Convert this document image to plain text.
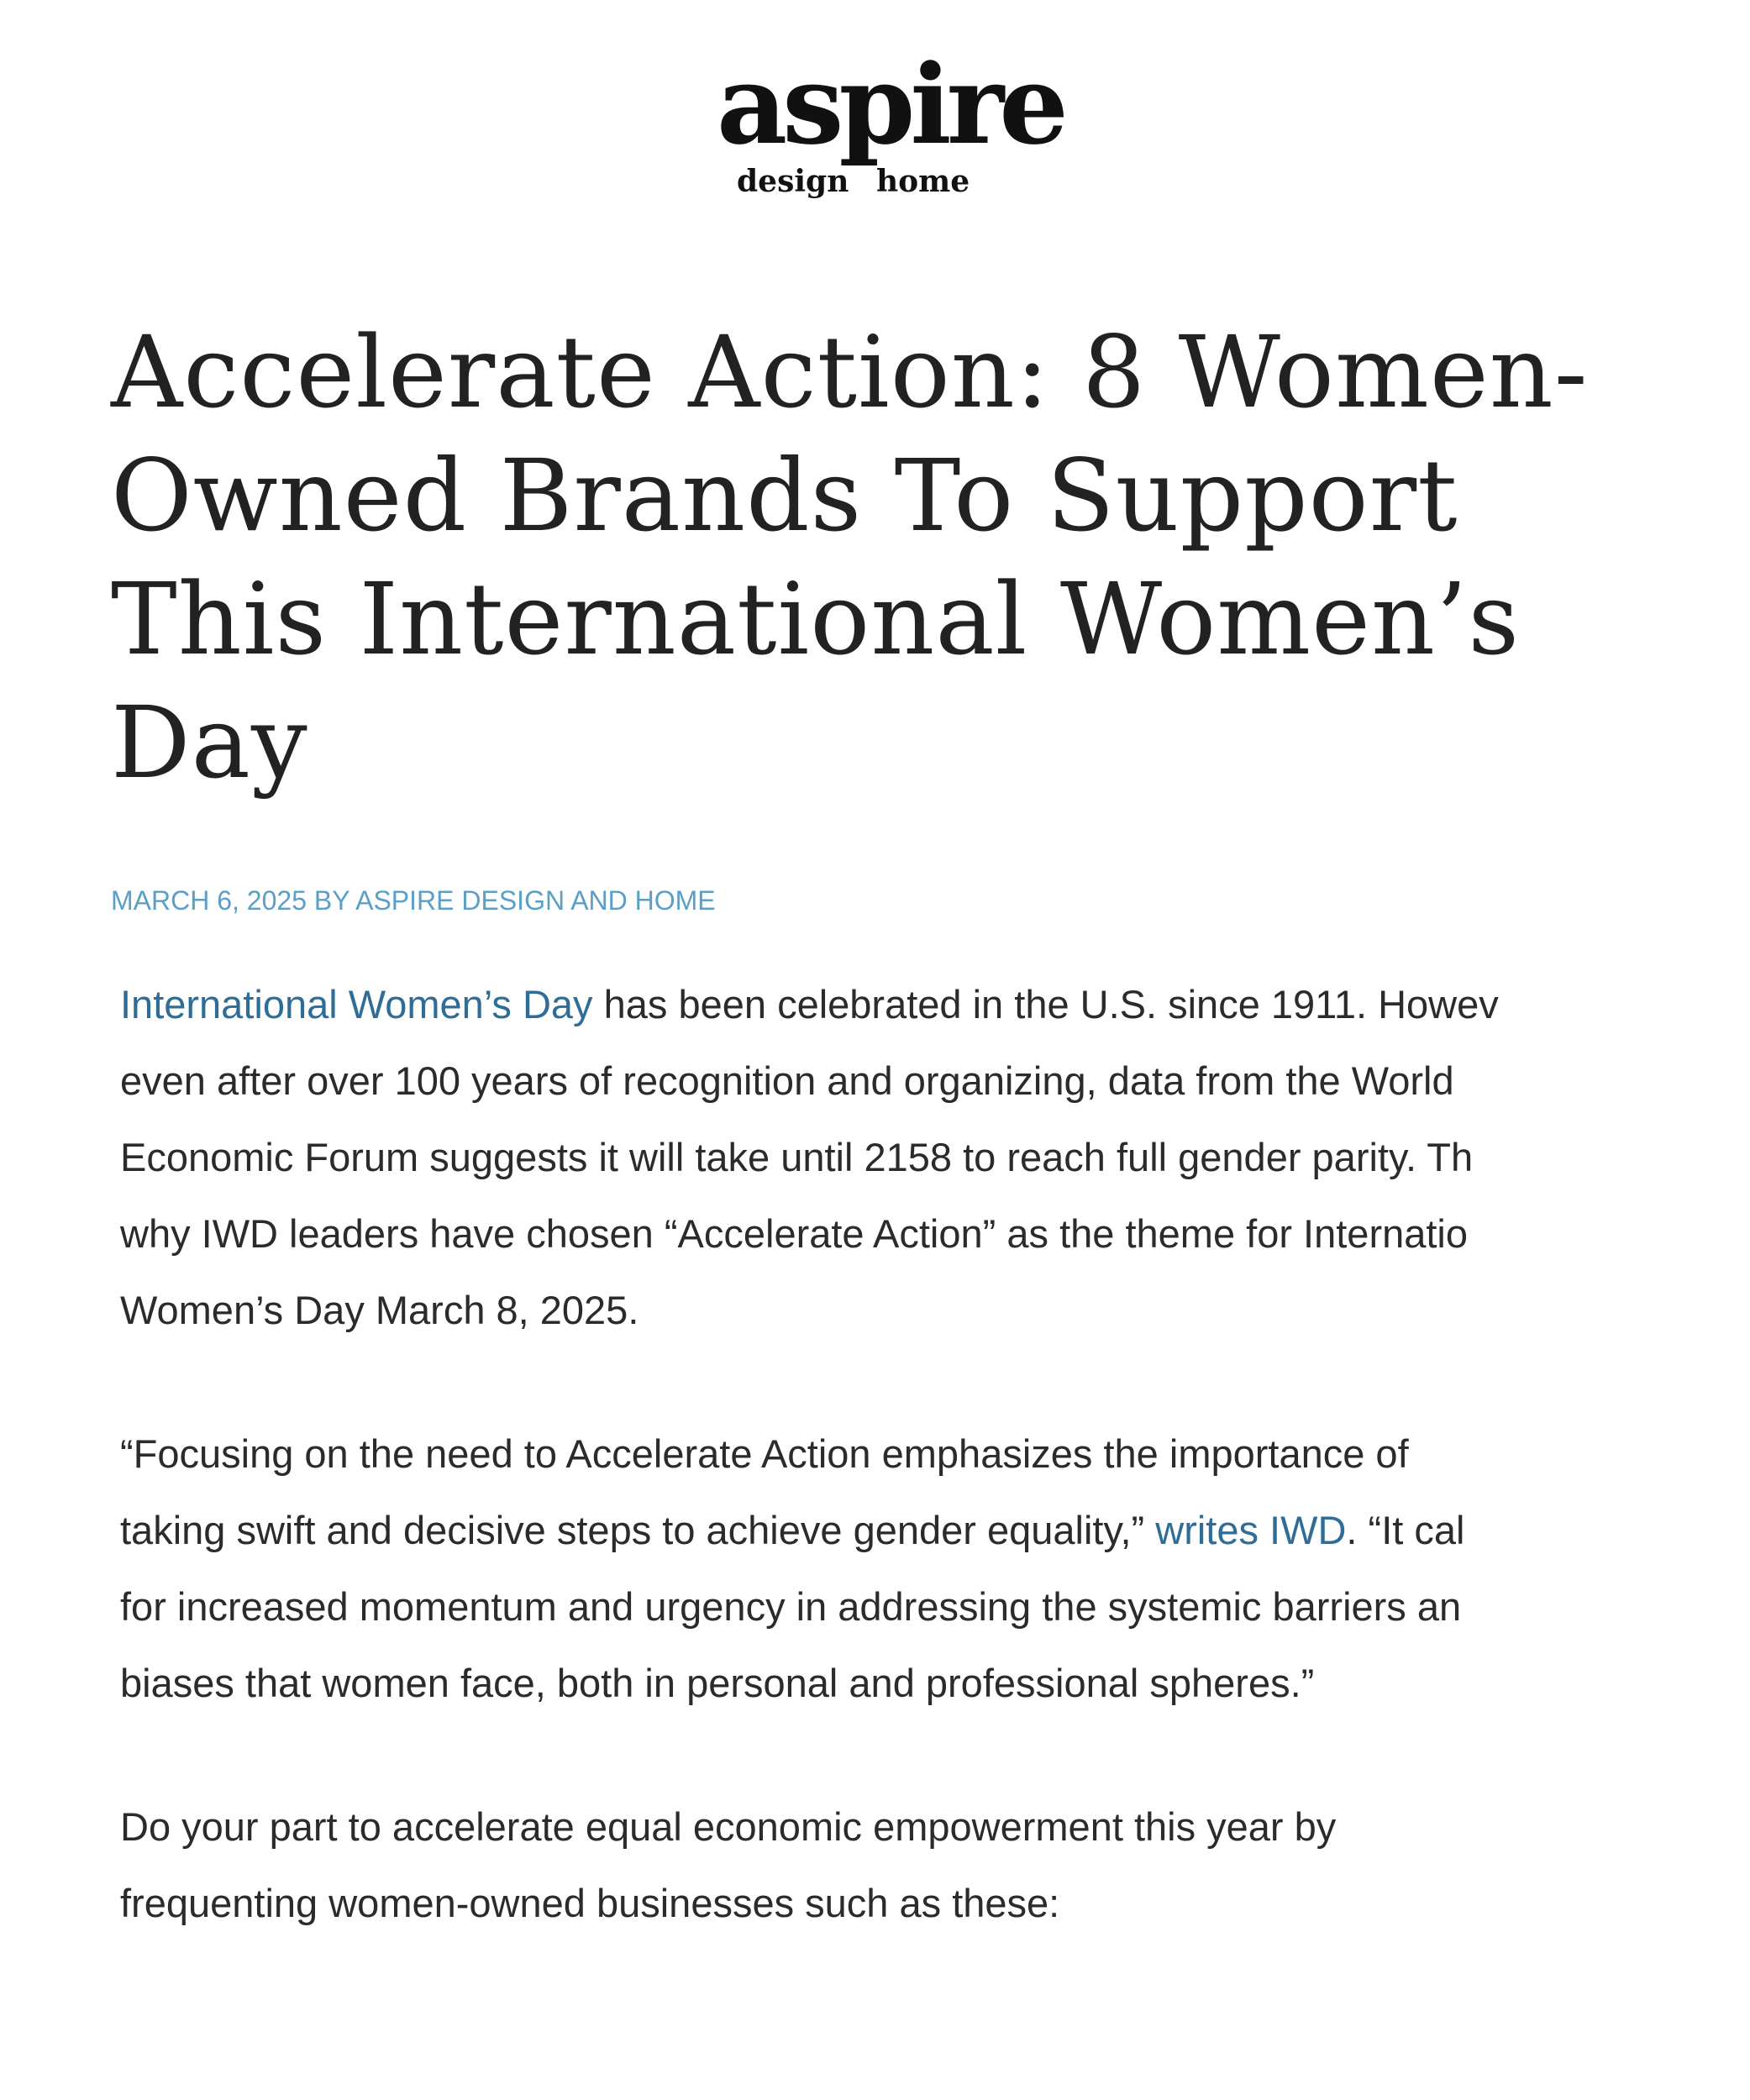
aspire
design home
Accelerate Action: 8 Women-Owned Brands To Support This International Women’s Day
MARCH 6, 2025 BY ASPIRE DESIGN AND HOME

International Women’s Day has been celebrated in the U.S. since 1911. Howev
even after over 100 years of recognition and organizing, data from the World
Economic Forum suggests it will take until 2158 to reach full gender parity. Th
why IWD leaders have chosen “Accelerate Action” as the theme for Internatio
Women’s Day March 8, 2025.

“Focusing on the need to Accelerate Action emphasizes the importance of
taking swift and decisive steps to achieve gender equality,” writes IWD. “It cal
for increased momentum and urgency in addressing the systemic barriers an
biases that women face, both in personal and professional spheres.”

Do your part to accelerate equal economic empowerment this year by
frequenting women-owned businesses such as these:
